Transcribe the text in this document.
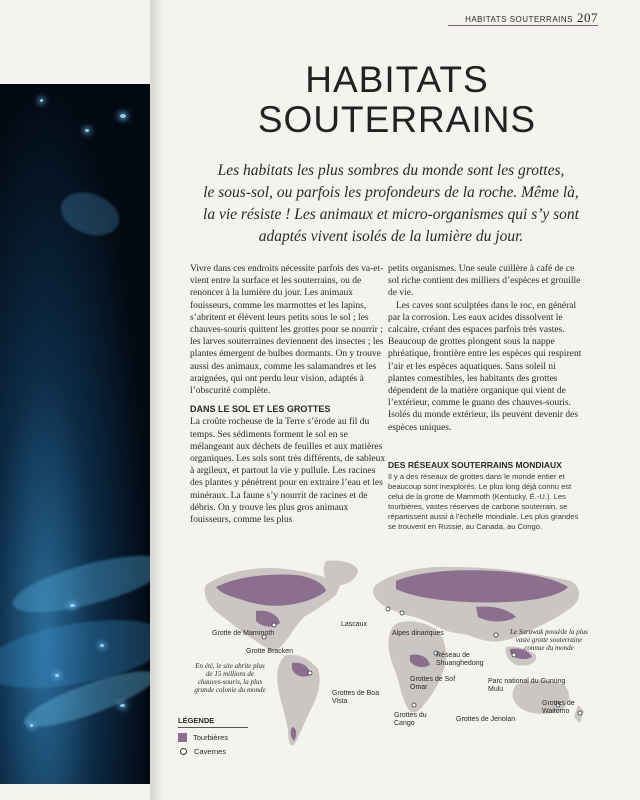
HABITATS SOUTERRAINS 207
HABITATS
SOUTERRAINS

Les habitats les plus sombres du monde sont les grottes,
le sous-sol, ou parfois les profondeurs de la roche. Même là,
la vie résiste ! Les animaux et micro-organismes qui s’y sont
adaptés vivent isolés de la lumière du jour.

Vivre dans ces endroits nécessite parfois des va-et-vient entre la surface et les souterrains, ou de renoncer à la lumière du jour. Les animaux fouisseurs, comme les marmottes et les lapins, s’abritent et élèvent leurs petits sous le sol ; les chauves-souris quittent les grottes pour se nourrir ; les larves souterraines deviennent des insectes ; les plantes émergent de bulbes dormants. On y trouve aussi des animaux, comme les salamandres et les araignées, qui ont perdu leur vision, adaptés à l’obscurité complète.

DANS LE SOL ET LES GROTTES

La croûte rocheuse de la Terre s’érode au fil du temps. Ses sédiments forment le sol en se mélangeant aux déchets de feuilles et aux matières organiques. Les sols sont très différents, de sableux à argileux, et partout la vie y pullule. Les racines des plantes y pénètrent pour en extraire l’eau et les minéraux. La faune s’y nourrit de racines et de débris. On y trouve les plus gros animaux fouisseurs, comme les plus

petits organismes. Une seule cuillère à café de ce sol riche contient des milliers d’espèces et grouille de vie.

Les caves sont sculptées dans le roc, en général par la corrosion. Les eaux acides dissolvent le calcaire, créant des espaces parfois très vastes. Beaucoup de grottes plongent sous la nappe phréatique, frontière entre les espèces qui respirent l’air et les espèces aquatiques. Sans soleil ni plantes comestibles, les habitants des grottes dépendent de la matière organique qui vient de l’extérieur, comme le guano des chauves-souris. Isolés du monde extérieur, ils peuvent devenir des espèces uniques.

DES RÉSEAUX SOUTERRAINS MONDIAUX

Il y a des réseaux de grottes dans le monde entier et beaucoup sont inexplorés. Le plus long déjà connu est celui de la grotte de Mammoth (Kentucky, É.-U.). Les tourbières, vastes réserves de carbone souterrain, se répartissent aussi à l’échelle mondiale. Les plus grandes se trouvent en Russie, au Canada, au Congo.

Grotte de Mammoth
Grotte Bracken
Lascaux
Alpes dinariques
Réseau de Shuanghedong
Grottes de Sof Omar
Parc national du Gunung Mulu
Grottes de Boa Vista
Grottes du Cango
Grottes de Jenolan
Grottes de Waitomo
En été, le site abrite plus de 15 millions de chauves-souris, la plus grande colonie du monde
Le Sarawak possède la plus vaste grotte souterraine connue du monde
LÉGENDE
Tourbières
Cavernes
